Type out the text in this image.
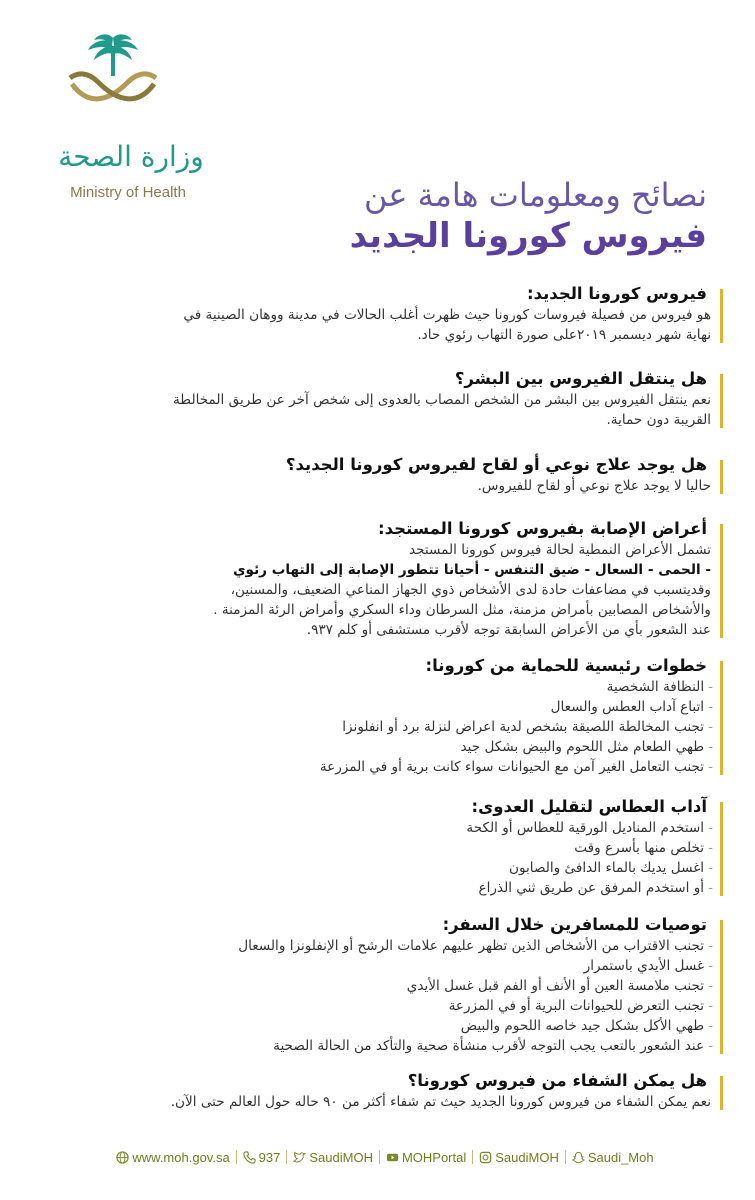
وزارة الصحة
Ministry of Health	نصائح ومعلومات هامة عن
فيروس كورونا الجديد
فيروس كورونا الجديد:
هو فيروس من فصيلة فيروسات كورونا حيث ظهرت أغلب الحالات في مدينة ووهان الصينية في
نهاية شهر ديسمبر ٢٠١٩على صورة التهاب رئوي حاد.
هل ينتقل الفيروس بين البشر؟
نعم ينتقل الفيروس بين البشر من الشخص المصاب بالعدوى إلى شخص آخر عن طريق المخالطة
القريبة دون حماية.
هل يوجد علاج نوعي أو لقاح لفيروس كورونا الجديد؟
حاليا لا يوجد علاج نوعي أو لقاح للفيروس.
أعراض الإصابة بفيروس كورونا المستجد:
تشمل الأعراض النمطية لحالة فيروس كورونا المستجد
- الحمى - السعال - ضيق التنفس - أحيانا تتطور الإصابة إلى التهاب رئوي
وقديتسبب في مضاعفات حادة لدى الأشخاص ذوي الجهاز المناعي الضعيف، والمسنين،
والأشخاص المصابين بأمراض مزمنة، مثل السرطان وداء السكري وأمراض الرئة المزمنة .
عند الشعور بأي من الأعراض السابقة توجه لأقرب مستشفى أو كلم ٩٣٧.
خطوات رئيسية للحماية من كورونا:
-النظافة الشخصية
-اتباع آداب العطس والسعال
-تجنب المخالطة اللصيقة بشخص لدية اعراض لنزلة برد أو انفلونزا
-طهي الطعام مثل اللحوم والبيض بشكل جيد
-تجنب التعامل الغير آمن مع الحيوانات سواء كانت برية أو في المزرعة
آداب العطاس لتقليل العدوى:
-استخدم المناديل الورقية للعطاس أو الكحة
-تخلص منها بأسرع وقت
-اغسل يديك بالماء الدافئ والصابون
-أو استخدم المرفق عن طريق ثني الذراع
توصيات للمسافرين خلال السفر:
-تجنب الاقتراب من الأشخاص الذين تظهر عليهم علامات الرشح أو الإنفلونزا والسعال
-غسل الأيدي باستمرار
-تجنب ملامسة العين أو الأنف أو الفم قبل غسل الأيدي
-تجنب التعرض للحيوانات البرية أو في المزرعة
-طهي الأكل بشكل جيد خاصه اللحوم والبيض
-عند الشعور بالتعب يجب التوجه لأقرب منشأة صحية والتأكد من الحالة الصحية
هل يمكن الشفاء من فيروس كورونا؟
نعم يمكن الشفاء من فيروس كورونا الجديد حيث تم شفاء أكثر من ٩٠ حاله حول العالم حتى الآن.
www.moh.gov.sa 937 SaudiMOH MOHPortal SaudiMOH Saudi_Moh
